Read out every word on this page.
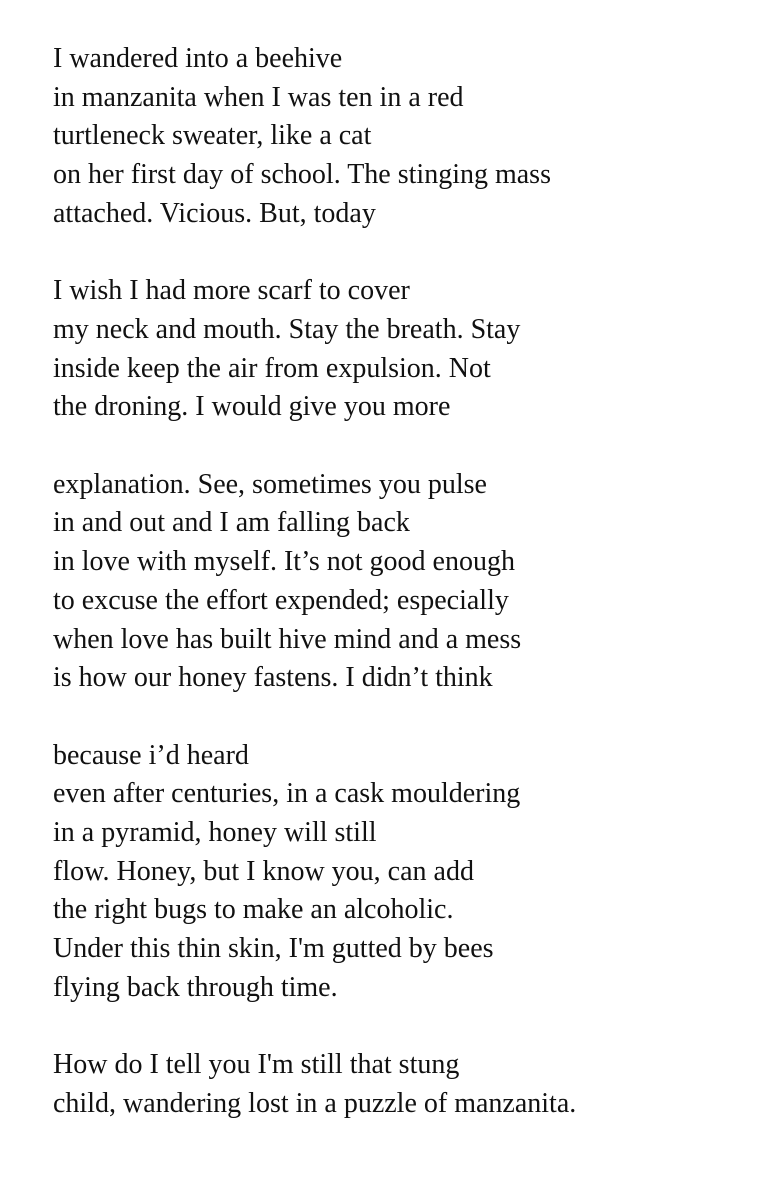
I wandered into a beehive
in manzanita when I was ten in a red
turtleneck sweater, like a cat
on her first day of school. The stinging mass
attached. Vicious. But, today
I wish I had more scarf to cover
my neck and mouth. Stay the breath. Stay
inside keep the air from expulsion. Not
the droning. I would give you more
explanation. See, sometimes you pulse
in and out and I am falling back
in love with myself. It’s not good enough
to excuse the effort expended; especially
when love has built hive mind and a mess
is how our honey fastens. I didn’t think
because i’d heard
even after centuries, in a cask mouldering
in a pyramid, honey will still
flow. Honey, but I know you, can add
the right bugs to make an alcoholic.
Under this thin skin, I'm gutted by bees
flying back through time.
How do I tell you I'm still that stung
child, wandering lost in a puzzle of manzanita.
